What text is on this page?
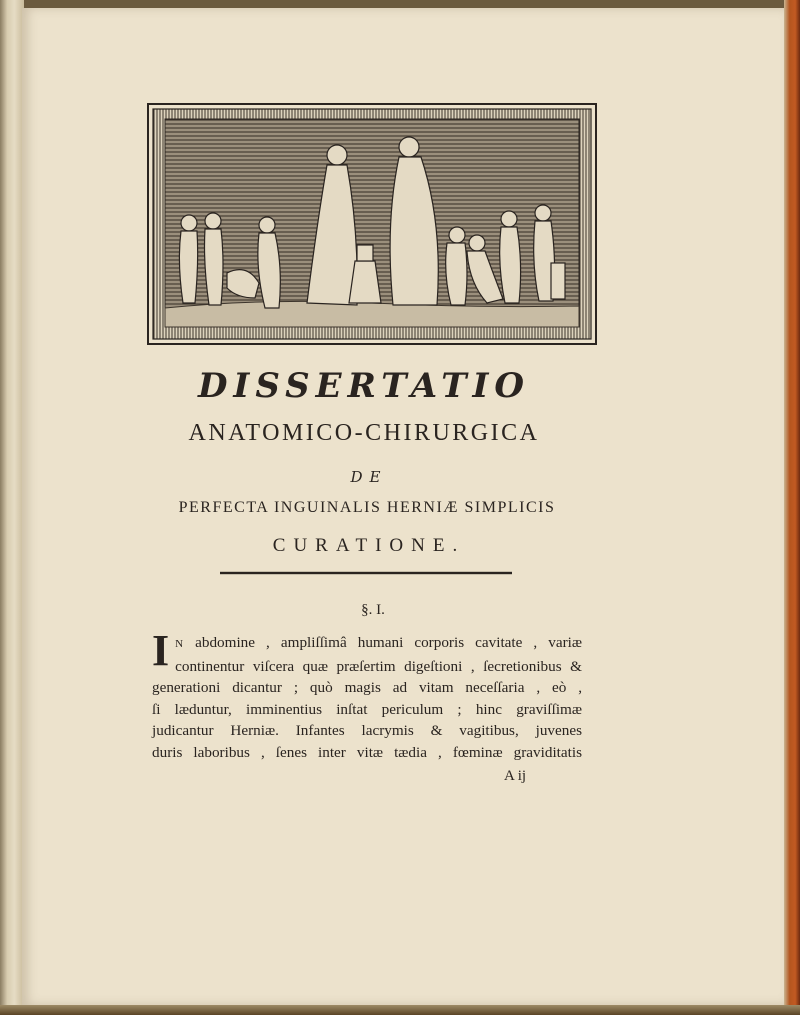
DISSERTATIO
ANATOMICO-CHIRURGICA
DE
PERFECTA INGUINALIS HERNIÆ SIMPLICIS
CURATIONE.
§. I.
I N abdomine , ampliſſimâ humani corporis cavitate , variæ
continentur viſcera quæ præſertim digeſtioni , ſecretionibus &
generationi dicantur ; quò magis ad vitam neceſſaria , eò ,
ſi læduntur, imminentius inſtat periculum ; hinc graviſſimæ
judicantur Herniæ. Infantes lacrymis & vagitibus, juvenes
duris laboribus , ſenes inter vitæ tædia , fœminæ graviditatis
A ij
